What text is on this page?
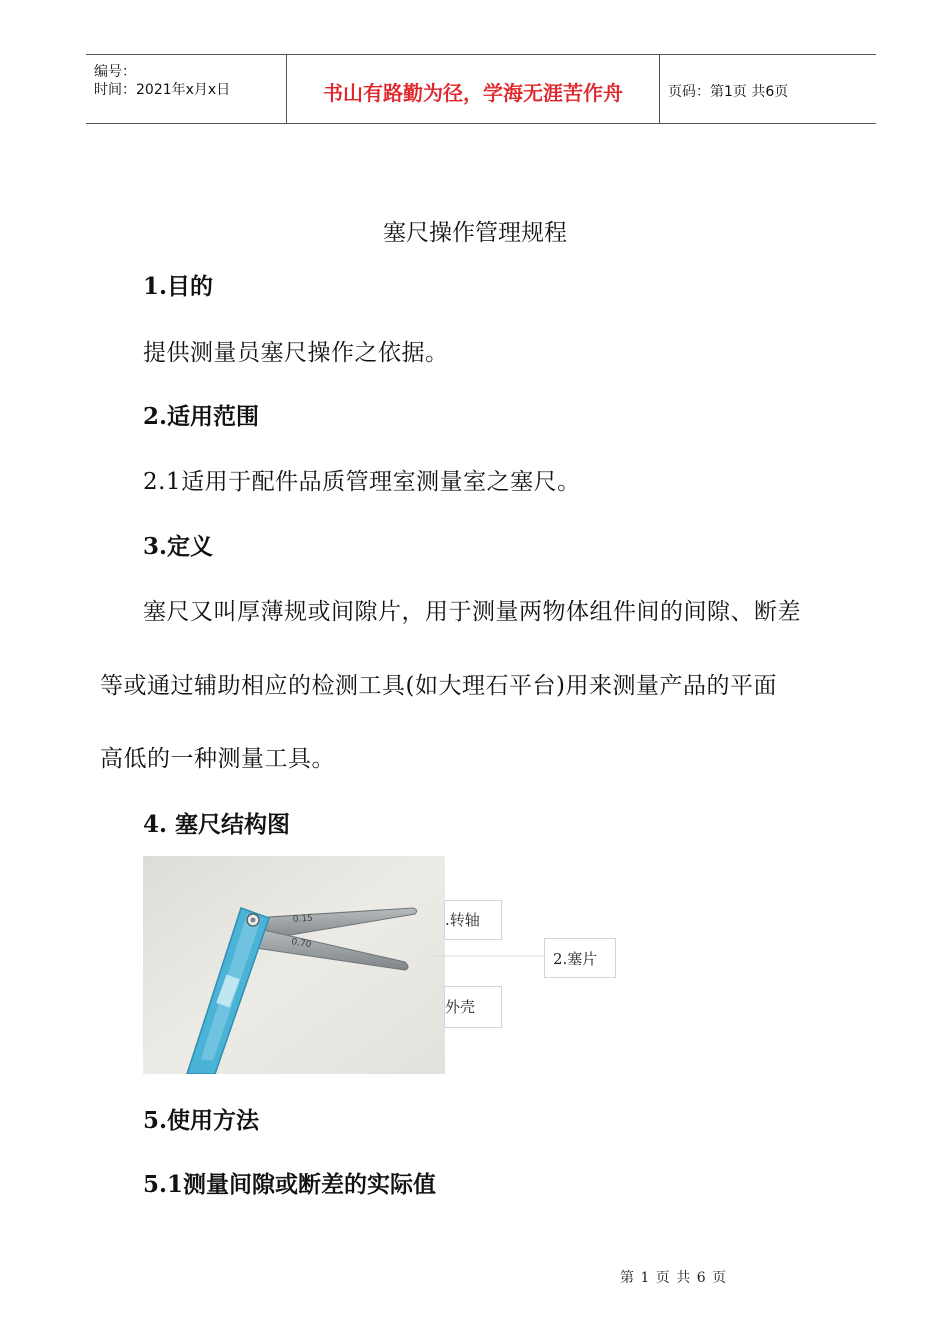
编号：
时间：2021年x月x日	书山有路勤为径，学海无涯苦作舟	页码：第1页 共6页
塞尺操作管理规程
1.目的
提供测量员塞尺操作之依据。
2.适用范围
2.1适用于配件品质管理室测量室之塞尺。
3.定义
塞尺又叫厚薄规或间隙片，用于测量两物体组件间的间隙、断差
等或通过辅助相应的检测工具(如大理石平台)用来测量产品的平面
高低的一种测量工具。
4. 塞尺结构图
0.15
0.70
.转轴
2.塞片
外壳
5.使用方法
5.1测量间隙或断差的实际值
第 1 页 共 6 页
